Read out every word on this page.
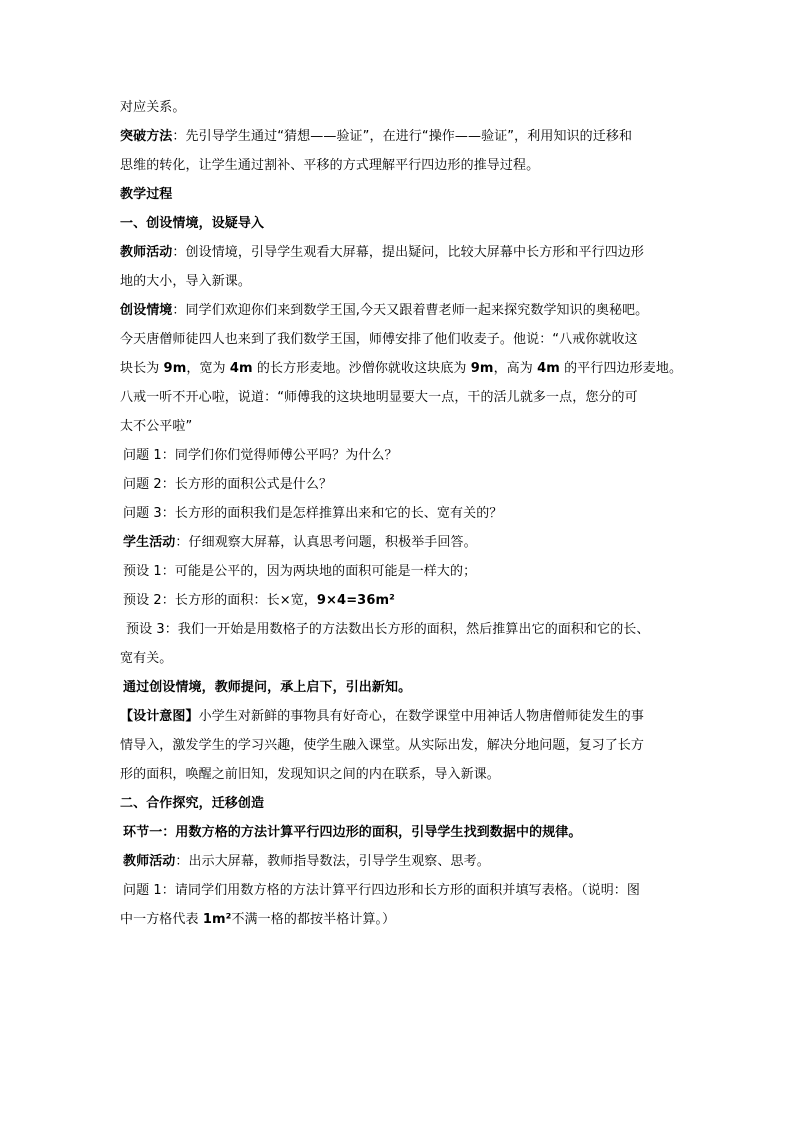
对应关系。
突破方法：先引导学生通过“猜想——验证”，在进行“操作——验证”，利用知识的迁移和
思维的转化，让学生通过割补、平移的方式理解平行四边形的推导过程。
教学过程
一、创设情境，设疑导入
教师活动：创设情境，引导学生观看大屏幕，提出疑问，比较大屏幕中长方形和平行四边形
地的大小，导入新课。
创设情境：同学们欢迎你们来到数学王国,今天又跟着曹老师一起来探究数学知识的奥秘吧。
今天唐僧师徒四人也来到了我们数学王国，师傅安排了他们收麦子。他说：“八戒你就收这
块长为 9m，宽为 4m 的长方形麦地。沙僧你就收这块底为 9m，高为 4m 的平行四边形麦地。
八戒一听不开心啦，说道：“师傅我的这块地明显要大一点，干的活儿就多一点，您分的可
太不公平啦”
问题 1：同学们你们觉得师傅公平吗？为什么？
问题 2：长方形的面积公式是什么？
问题 3：长方形的面积我们是怎样推算出来和它的长、宽有关的？
学生活动：仔细观察大屏幕，认真思考问题，积极举手回答。
预设 1：可能是公平的，因为两块地的面积可能是一样大的；
预设 2：长方形的面积：长×宽，9×4=36m²
预设 3：我们一开始是用数格子的方法数出长方形的面积，然后推算出它的面积和它的长、
宽有关。
通过创设情境，教师提问，承上启下，引出新知。
【设计意图】小学生对新鲜的事物具有好奇心，在数学课堂中用神话人物唐僧师徒发生的事
情导入，激发学生的学习兴趣，使学生融入课堂。从实际出发，解决分地问题，复习了长方
形的面积，唤醒之前旧知，发现知识之间的内在联系，导入新课。
二、合作探究，迁移创造
环节一：用数方格的方法计算平行四边形的面积，引导学生找到数据中的规律。
教师活动：出示大屏幕，教师指导数法，引导学生观察、思考。
问题 1：请同学们用数方格的方法计算平行四边形和长方形的面积并填写表格。（说明：图
中一方格代表 1m²不满一格的都按半格计算。）
